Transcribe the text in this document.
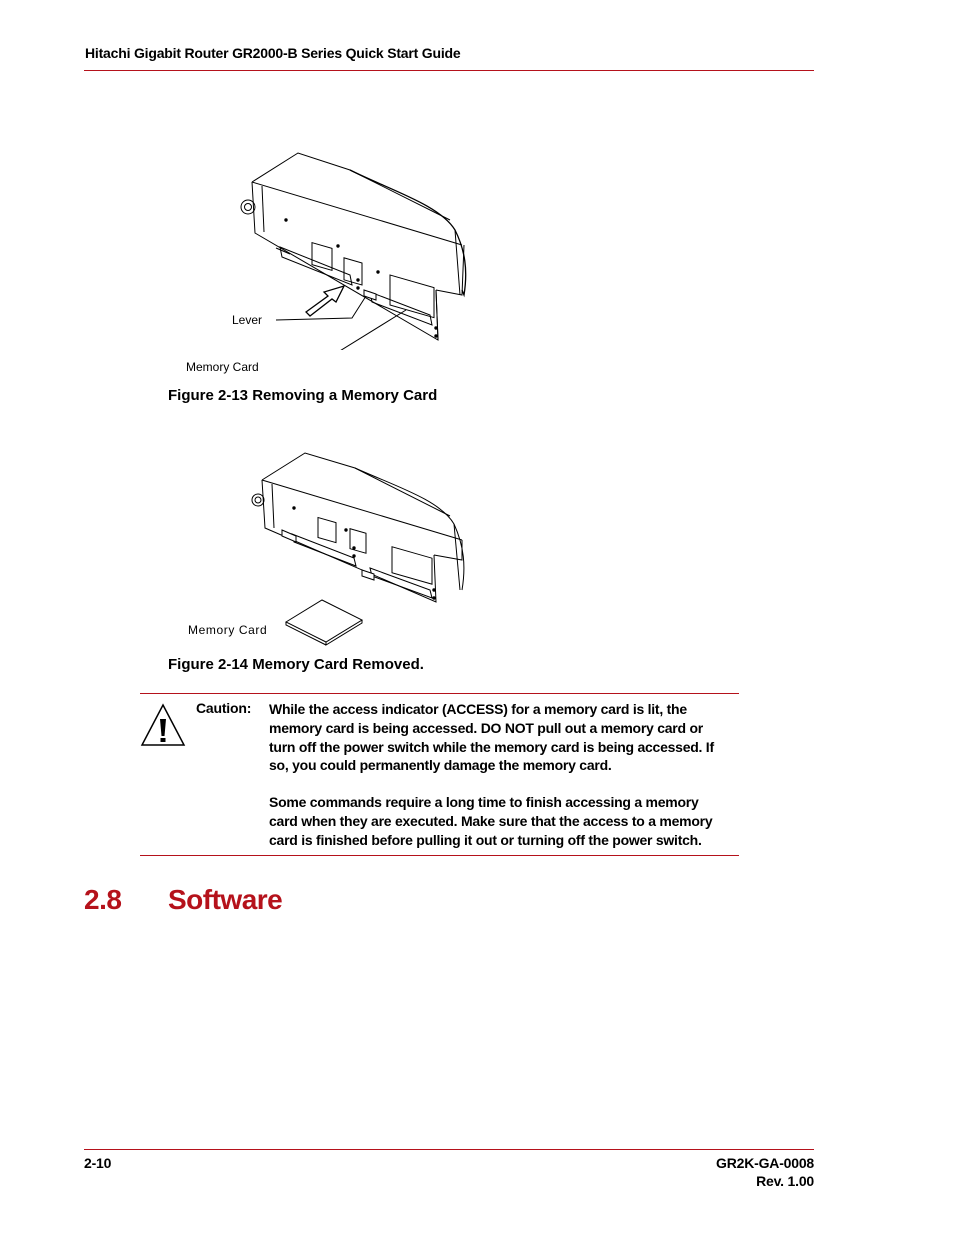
Hitachi Gigabit Router GR2000-B Series Quick Start Guide
Lever
Memory Card
Figure 2-13 Removing a Memory Card
Memory Card
Figure 2-14 Memory Card Removed.
Caution: While the access indicator (ACCESS) for a memory card is lit, the memory card is being accessed. DO NOT pull out a memory card or turn off the power switch while the memory card is being accessed. If so, you could permanently damage the memory card.
Some commands require a long time to finish accessing a memory card when they are executed. Make sure that the access to a memory card is finished before pulling it out or turning off the power switch.
2.8 Software
2-10	GR2K-GA-0008
Rev. 1.00
